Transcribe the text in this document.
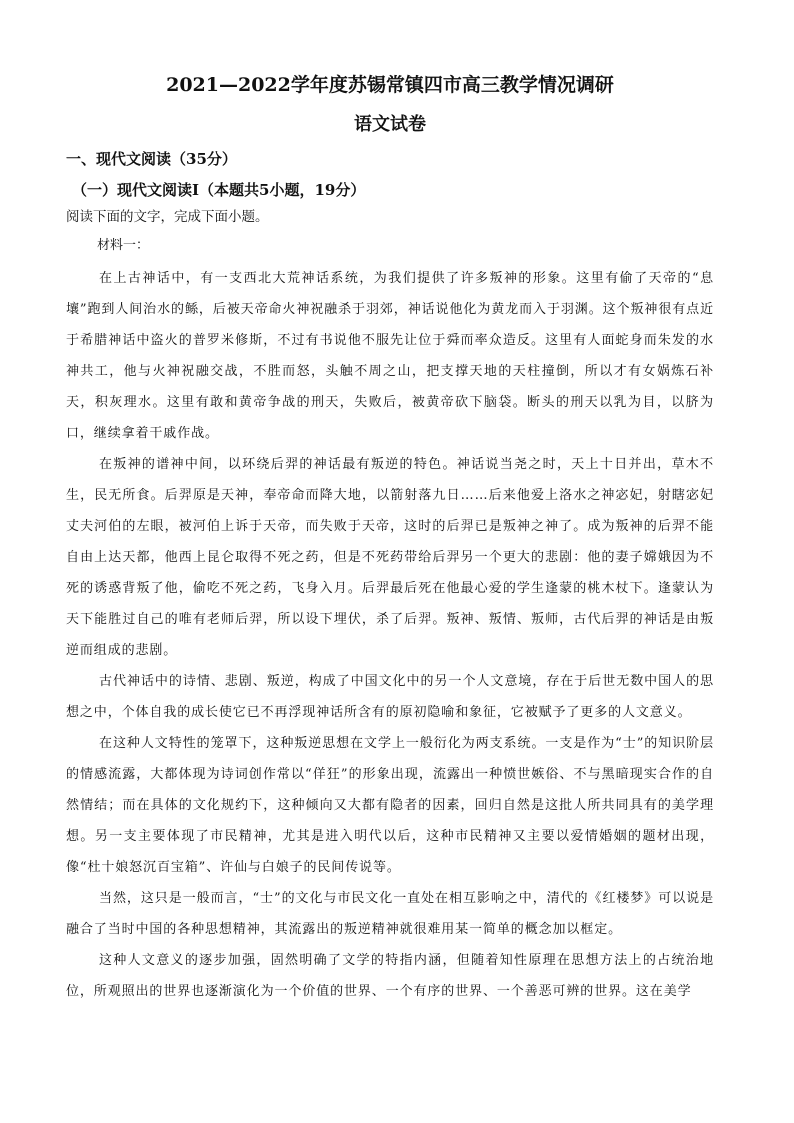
2021—2022学年度苏锡常镇四市高三教学情况调研
语文试卷
一、现代文阅读（35分）
（一）现代文阅读I（本题共5小题，19分）
阅读下面的文字，完成下面小题。
材料一：

在上古神话中，有一支西北大荒神话系统，为我们提供了许多叛神的形象。这里有偷了天帝的“息壤”跑到人间治水的鲧，后被天帝命火神祝融杀于羽郊，神话说他化为黄龙而入于羽渊。这个叛神很有点近于希腊神话中盗火的普罗米修斯，不过有书说他不服先让位于舜而率众造反。这里有人面蛇身而朱发的水神共工，他与火神祝融交战，不胜而怒，头触不周之山，把支撑天地的天柱撞倒，所以才有女娲炼石补天，积灰理水。这里有敢和黄帝争战的刑天，失败后，被黄帝砍下脑袋。断头的刑天以乳为目，以脐为口，继续拿着干戚作战。

在叛神的谱神中间，以环绕后羿的神话最有叛逆的特色。神话说当尧之时，天上十日并出，草木不生，民无所食。后羿原是天神，奉帝命而降大地，以箭射落九日……后来他爱上洛水之神宓妃，射瞎宓妃丈夫河伯的左眼，被河伯上诉于天帝，而失败于天帝，这时的后羿已是叛神之神了。成为叛神的后羿不能自由上达天都，他西上昆仑取得不死之药，但是不死药带给后羿另一个更大的悲剧：他的妻子嫦娥因为不死的诱惑背叛了他，偷吃不死之药，飞身入月。后羿最后死在他最心爱的学生逢蒙的桃木杖下。逢蒙认为天下能胜过自己的唯有老师后羿，所以设下埋伏，杀了后羿。叛神、叛情、叛师，古代后羿的神话是由叛逆而组成的悲剧。

古代神话中的诗情、悲剧、叛逆，构成了中国文化中的另一个人文意境，存在于后世无数中国人的思想之中，个体自我的成长使它已不再浮现神话所含有的原初隐喻和象征，它被赋予了更多的人文意义。

在这种人文特性的笼罩下，这种叛逆思想在文学上一般衍化为两支系统。一支是作为“士”的知识阶层的情感流露，大都体现为诗词创作常以“佯狂”的形象出现，流露出一种愤世嫉俗、不与黑暗现实合作的自然情结；而在具体的文化规约下，这种倾向又大都有隐者的因素，回归自然是这批人所共同具有的美学理想。另一支主要体现了市民精神，尤其是进入明代以后，这种市民精神又主要以爱情婚姻的题材出现，像“杜十娘怒沉百宝箱”、许仙与白娘子的民间传说等。

当然，这只是一般而言，“士”的文化与市民文化一直处在相互影响之中，清代的《红楼梦》可以说是融合了当时中国的各种思想精神，其流露出的叛逆精神就很难用某一简单的概念加以框定。

这种人文意义的逐步加强，固然明确了文学的特指内涵，但随着知性原理在思想方法上的占统治地位，所观照出的世界也逐渐演化为一个价值的世界、一个有序的世界、一个善恶可辨的世界。这在美学
